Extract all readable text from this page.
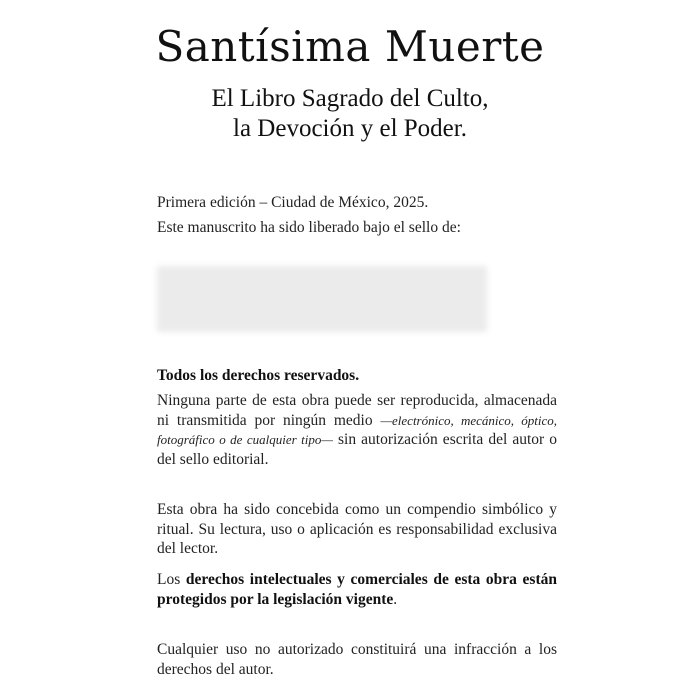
Santísima Muerte
El Libro Sagrado del Culto,
la Devoción y el Poder.
Primera edición – Ciudad de México, 2025.
Este manuscrito ha sido liberado bajo el sello de:
Todos los derechos reservados.
Ninguna parte de esta obra puede ser reproducida, almacenada ni transmitida por ningún medio —electrónico, mecánico, óptico, fotográfico o de cualquier tipo— sin autorización escrita del autor o del sello editorial.
Esta obra ha sido concebida como un compendio simbólico y ritual. Su lectura, uso o aplicación es responsabilidad exclusiva del lector.
Los derechos intelectuales y comerciales de esta obra están protegidos por la legislación vigente.
Cualquier uso no autorizado constituirá una infracción a los derechos del autor.
